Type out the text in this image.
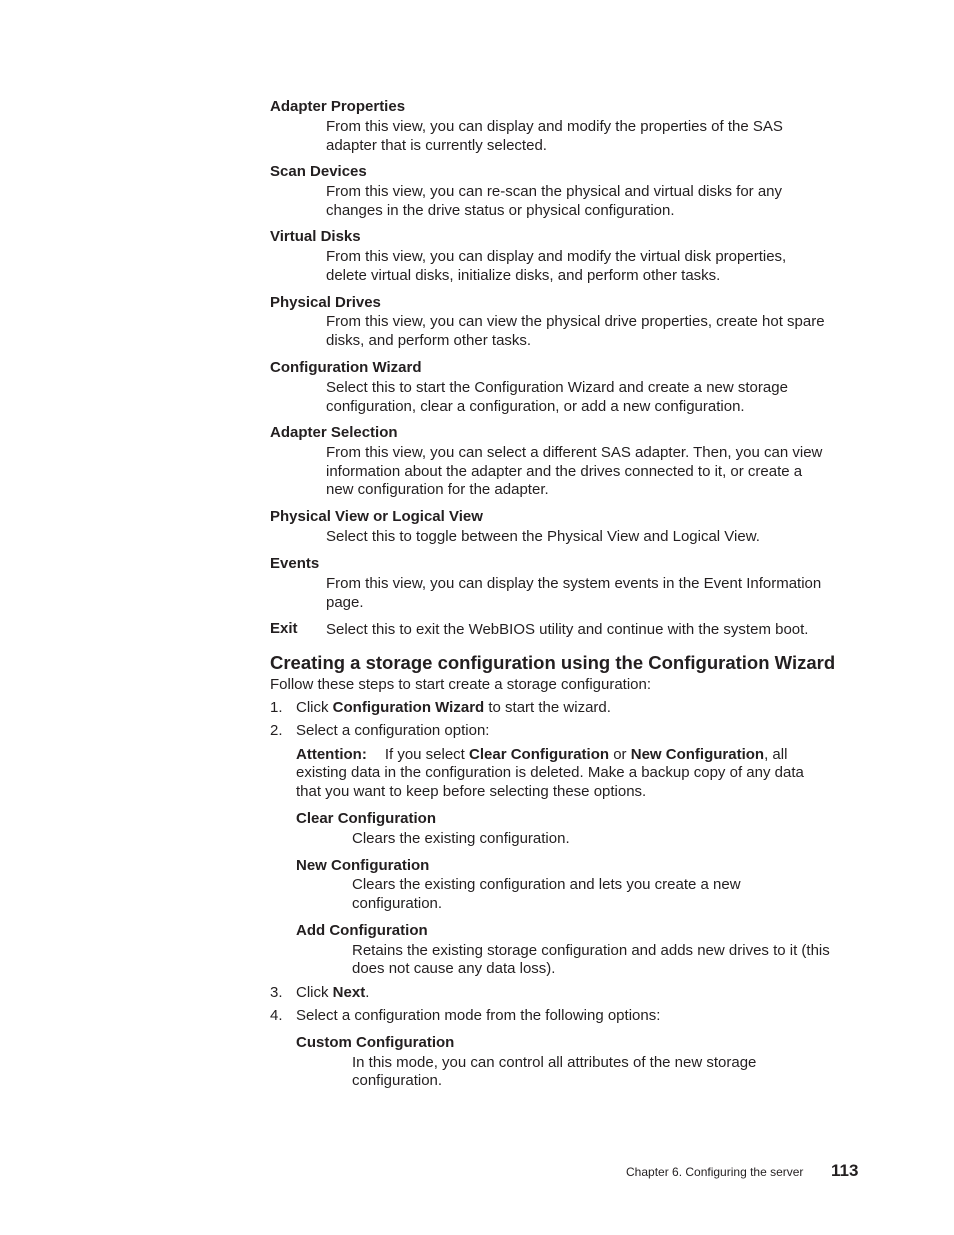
Adapter Properties
From this view, you can display and modify the properties of the SAS
adapter that is currently selected.
Scan Devices
From this view, you can re-scan the physical and virtual disks for any
changes in the drive status or physical configuration.
Virtual Disks
From this view, you can display and modify the virtual disk properties,
delete virtual disks, initialize disks, and perform other tasks.
Physical Drives
From this view, you can view the physical drive properties, create hot spare
disks, and perform other tasks.
Configuration Wizard
Select this to start the Configuration Wizard and create a new storage
configuration, clear a configuration, or add a new configuration.
Adapter Selection
From this view, you can select a different SAS adapter. Then, you can view
information about the adapter and the drives connected to it, or create a
new configuration for the adapter.
Physical View or Logical View
Select this to toggle between the Physical View and Logical View.
Events
From this view, you can display the system events in the Event Information
page.
Exit Select this to exit the WebBIOS utility and continue with the system boot.
Creating a storage configuration using the Configuration Wizard
Follow these steps to start create a storage configuration:
1. Click Configuration Wizard to start the wizard.
2. Select a configuration option:
Attention: If you select Clear Configuration or New Configuration, all
existing data in the configuration is deleted. Make a backup copy of any data
that you want to keep before selecting these options.
Clear Configuration
Clears the existing configuration.
New Configuration
Clears the existing configuration and lets you create a new
configuration.
Add Configuration
Retains the existing storage configuration and adds new drives to it (this
does not cause any data loss).
3. Click Next.
4. Select a configuration mode from the following options:
Custom Configuration
In this mode, you can control all attributes of the new storage
configuration.
Chapter 6. Configuring the server 113
